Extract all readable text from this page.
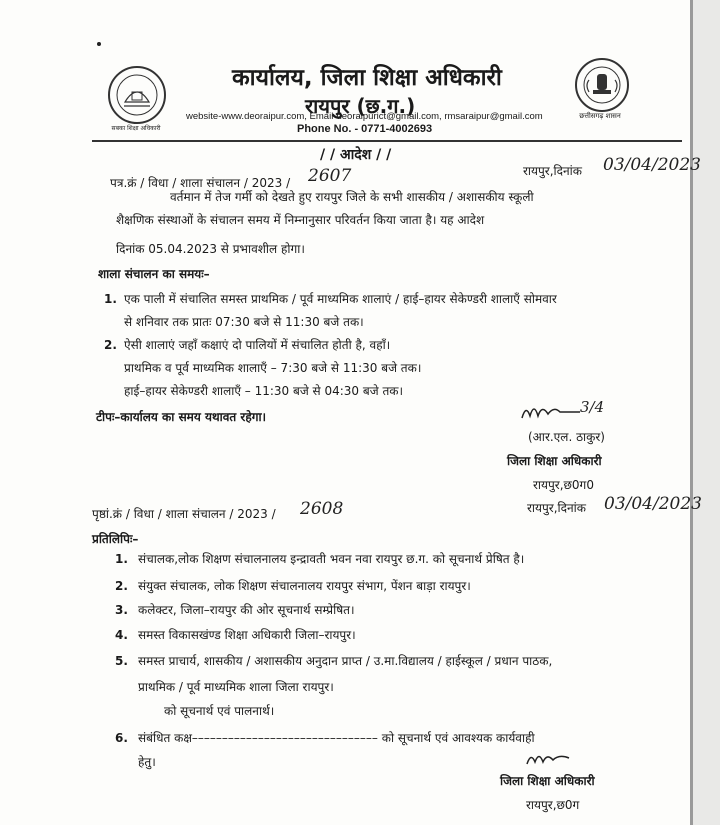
सबका शिक्षा अधिकारी
छत्तीसगढ़ शासन
कार्यालय, जिला शिक्षा अधिकारी
रायपुर (छ.ग.)
website-www.deoraipur.com, Email-deoraipurict@gmail.com, rmsaraipur@gmail.com
Phone No. - 0771-4002693
/ / आदेश / /
पत्र.क्रं / विधा / शाला संचालन / 2023 / 2607	रायपुर,दिनांक 03/04/2023
वर्तमान में तेज गर्मी को देखते हुए रायपुर जिले के सभी शासकीय / अशासकीय स्कूली
शैक्षणिक संस्थाओं के संचालन समय में निम्नानुसार परिवर्तन किया जाता है। यह आदेश
दिनांक 05.04.2023 से प्रभावशील होगा।
शाला संचालन का समयः–
1. एक पाली में संचालित समस्त प्राथमिक / पूर्व माध्यमिक शालाएं / हाई–हायर सेकेण्डरी शालाएँ सोमवार
से शनिवार तक प्रातः 07:30 बजे से 11:30 बजे तक।
2. ऐसी शालाएं जहाँ कक्षाएं दो पालियों में संचालित होती है, वहाँ।
प्राथमिक व पूर्व माध्यमिक शालाएँ – 7:30 बजे से 11:30 बजे तक।
हाई–हायर सेकेण्डरी शालाएँ – 11:30 बजे से 04:30 बजे तक।
टीपः–कार्यालय का समय यथावत रहेगा।
3/4
(आर.एल. ठाकुर)
जिला शिक्षा अधिकारी
रायपुर,छ0ग0
पृष्ठां.क्रं / विधा / शाला संचालन / 2023 / 2608	रायपुर,दिनांक 03/04/2023
प्रतिलिपिः–
1. संचालक,लोक शिक्षण संचालनालय इन्द्रावती भवन नवा रायपुर छ.ग. को सूचनार्थ प्रेषित है।
2. संयुक्त संचालक, लोक शिक्षण संचालनालय रायपुर संभाग, पेंशन बाड़ा रायपुर।
3. कलेक्टर, जिला–रायपुर की ओर सूचनार्थ सम्प्रेषित।
4. समस्त विकासखंण्ड शिक्षा अधिकारी जिला–रायपुर।
5. समस्त प्राचार्य, शासकीय / अशासकीय अनुदान प्राप्त / उ.मा.विद्यालय / हाईस्कूल / प्रधान पाठक,
प्राथमिक / पूर्व माध्यमिक शाला जिला रायपुर।
को सूचनार्थ एवं पालनार्थ।
6. संबंधित कक्ष––––––––––––––––––––––––––––––– को सूचनार्थ एवं आवश्यक कार्यवाही
हेतु।
जिला शिक्षा अधिकारी
रायपुर,छ0ग
